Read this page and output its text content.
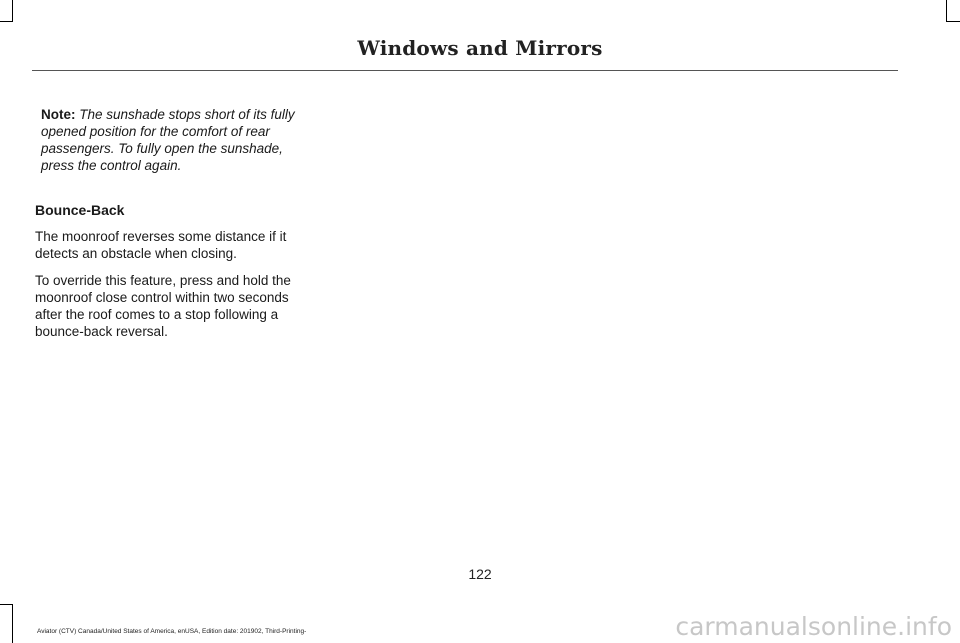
Windows and Mirrors

Note: The sunshade stops short of its fully opened position for the comfort of rear passengers. To fully open the sunshade, press the control again.

Bounce-Back

The moonroof reverses some distance if it detects an obstacle when closing.

To override this feature, press and hold the moonroof close control within two seconds after the roof comes to a stop following a bounce-back reversal.

122
Aviator (CTV) Canada/United States of America, enUSA, Edition date: 201902, Third-Printing-	carmanualsonline.info
